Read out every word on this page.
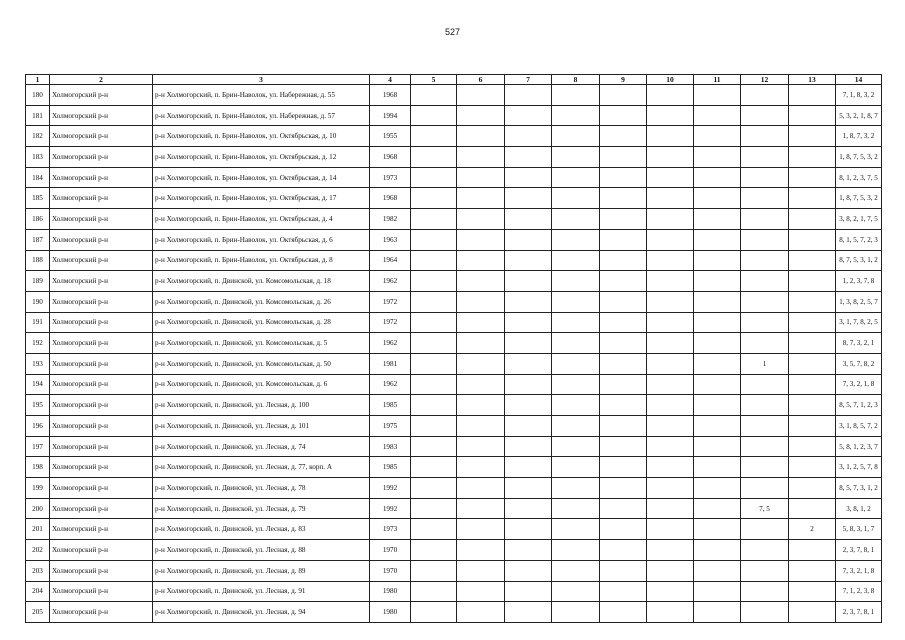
527
1	2	3	4	5	6	7	8	9	10	11	12	13	14
180	Холмогорский р-н	р-н Холмогорский, п. Брин-Наволок, ул. Набережная, д. 55	1968										7, 1, 8, 3, 2
181	Холмогорский р-н	р-н Холмогорский, п. Брин-Наволок, ул. Набережная, д. 57	1994										5, 3, 2, 1, 8, 7
182	Холмогорский р-н	р-н Холмогорский, п. Брин-Наволок, ул. Октябрьская, д. 10	1955										1, 8, 7, 3, 2
183	Холмогорский р-н	р-н Холмогорский, п. Брин-Наволок, ул. Октябрьская, д. 12	1968										1, 8, 7, 5, 3, 2
184	Холмогорский р-н	р-н Холмогорский, п. Брин-Наволок, ул. Октябрьская, д. 14	1973										8, 1, 2, 3, 7, 5
185	Холмогорский р-н	р-н Холмогорский, п. Брин-Наволок, ул. Октябрьская, д. 17	1968										1, 8, 7, 5, 3, 2
186	Холмогорский р-н	р-н Холмогорский, п. Брин-Наволок, ул. Октябрьская, д. 4	1982										3, 8, 2, 1, 7, 5
187	Холмогорский р-н	р-н Холмогорский, п. Брин-Наволок, ул. Октябрьская, д. 6	1963										8, 1, 5, 7, 2, 3
188	Холмогорский р-н	р-н Холмогорский, п. Брин-Наволок, ул. Октябрьская, д. 8	1964										8, 7, 5, 3, 1, 2
189	Холмогорский р-н	р-н Холмогорский, п. Двинской, ул. Комсомольская, д. 18	1962										1, 2, 3, 7, 8
190	Холмогорский р-н	р-н Холмогорский, п. Двинской, ул. Комсомольская, д. 26	1972										1, 3, 8, 2, 5, 7
191	Холмогорский р-н	р-н Холмогорский, п. Двинской, ул. Комсомольская, д. 28	1972										3, 1, 7, 8, 2, 5
192	Холмогорский р-н	р-н Холмогорский, п. Двинской, ул. Комсомольская, д. 5	1962										8, 7, 3, 2, 1
193	Холмогорский р-н	р-н Холмогорский, п. Двинской, ул. Комсомольская, д. 50	1981								1		3, 5, 7, 8, 2
194	Холмогорский р-н	р-н Холмогорский, п. Двинской, ул. Комсомольская, д. 6	1962										7, 3, 2, 1, 8
195	Холмогорский р-н	р-н Холмогорский, п. Двинской, ул. Лесная, д. 100	1985										8, 5, 7, 1, 2, 3
196	Холмогорский р-н	р-н Холмогорский, п. Двинской, ул. Лесная, д. 101	1975										3, 1, 8, 5, 7, 2
197	Холмогорский р-н	р-н Холмогорский, п. Двинской, ул. Лесная, д. 74	1983										5, 8, 1, 2, 3, 7
198	Холмогорский р-н	р-н Холмогорский, п. Двинской, ул. Лесная, д. 77, корп. А	1985										3, 1, 2, 5, 7, 8
199	Холмогорский р-н	р-н Холмогорский, п. Двинской, ул. Лесная, д. 78	1992										8, 5, 7, 3, 1, 2
200	Холмогорский р-н	р-н Холмогорский, п. Двинской, ул. Лесная, д. 79	1992								7, 5		3, 8, 1, 2
201	Холмогорский р-н	р-н Холмогорский, п. Двинской, ул. Лесная, д. 83	1973									2	5, 8, 3, 1, 7
202	Холмогорский р-н	р-н Холмогорский, п. Двинской, ул. Лесная, д. 88	1970										2, 3, 7, 8, 1
203	Холмогорский р-н	р-н Холмогорский, п. Двинской, ул. Лесная, д. 89	1970										7, 3, 2, 1, 8
204	Холмогорский р-н	р-н Холмогорский, п. Двинской, ул. Лесная, д. 91	1980										7, 1, 2, 3, 8
205	Холмогорский р-н	р-н Холмогорский, п. Двинской, ул. Лесная, д. 94	1980										2, 3, 7, 8, 1
